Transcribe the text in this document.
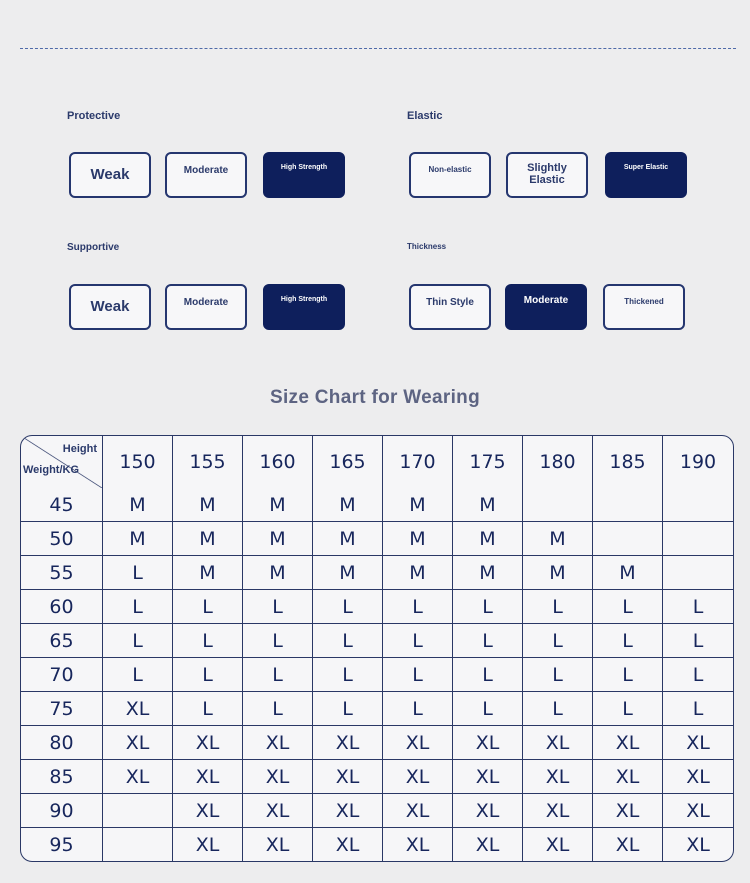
Protective
Weak	Moderate	High Strength
Elastic
Non-elastic	Slightly Elastic
Super Elastic
Supportive
Weak	Moderate	High Strength
Thickness
Thin Style	Moderate	Thickened
Size Chart for Wearing
Height
Weight/KG	150	155	160	165	170	175	180	185	190
45	M	M	M	M	M	M			
50	M	M	M	M	M	M	M		
55	L	M	M	M	M	M	M	M	
60	L	L	L	L	L	L	L	L	L
65	L	L	L	L	L	L	L	L	L
70	L	L	L	L	L	L	L	L	L
75	XL	L	L	L	L	L	L	L	L
80	XL	XL	XL	XL	XL	XL	XL	XL	XL
85	XL	XL	XL	XL	XL	XL	XL	XL	XL
90		XL	XL	XL	XL	XL	XL	XL	XL
95		XL	XL	XL	XL	XL	XL	XL	XL
